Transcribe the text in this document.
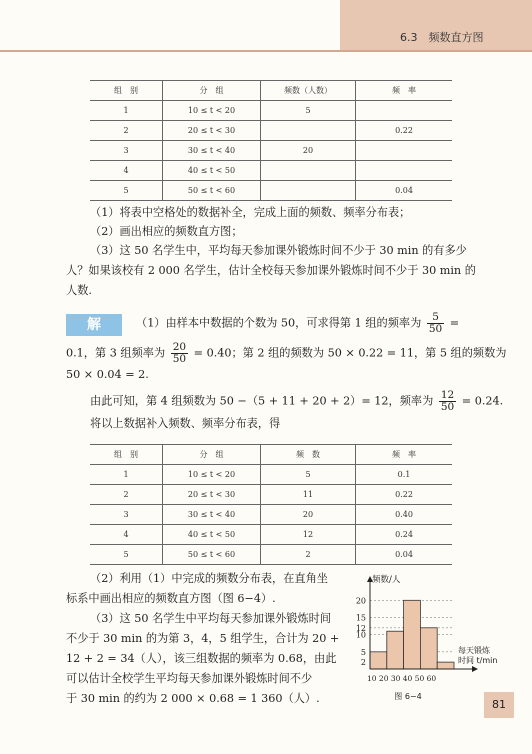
6.3　频数直方图
组　别	分　组	频数（人数）	频　率
1	10 ≤ t < 20	5	
2	20 ≤ t < 30		0.22
3	30 ≤ t < 40	20	
4	40 ≤ t < 50		
5	50 ≤ t < 60		0.04
（1）将表中空格处的数据补全，完成上面的频数、频率分布表；
（2）画出相应的频数直方图；
（3）这 50 名学生中，平均每天参加课外锻炼时间不少于 30 min 的有多少
人？如果该校有 2 000 名学生，估计全校每天参加课外锻炼时间不少于 30 min 的
人数.
解	（1）由样本中数据的个数为 50，可求得第 1 组的频率为 $\frac{5}{50}$ =
0.1，第 3 组频率为 $\frac{20}{50} = 0.40$；第 2 组的频数为 50 × 0.22 = 11，第 5 组的频数为
50 × 0.04 = 2.
由此可知，第 4 组频数为 50 −（5 + 11 + 20 + 2）= 12，频率为 $\frac{12}{50} = 0.24$.
将以上数据补入频数、频率分布表，得
组　别	分　组	频　数	频　率
1	10 ≤ t < 20	5	0.1
2	20 ≤ t < 30	11	0.22
3	30 ≤ t < 40	20	0.40
4	40 ≤ t < 50	12	0.24
5	50 ≤ t < 60	2	0.04
（2）利用（1）中完成的频数分布表，在直角坐
标系中画出相应的频数直方图（图 6−4）.
（3）这 50 名学生中平均每天参加课外锻炼时间
不少于 30 min 的为第 3，4，5 组学生，合计为 20 +
12 + 2 = 34（人），该三组数据的频率为 0.68，由此
可以估计全校学生平均每天参加课外锻炼时间不少
于 30 min 的约为 2 000 × 0.68 = 1 360（人）.
2
5
10
12
15
20
频数/人
10 20 30 40 50 60
每天锻炼
时间 t/min
图 6−4
81
